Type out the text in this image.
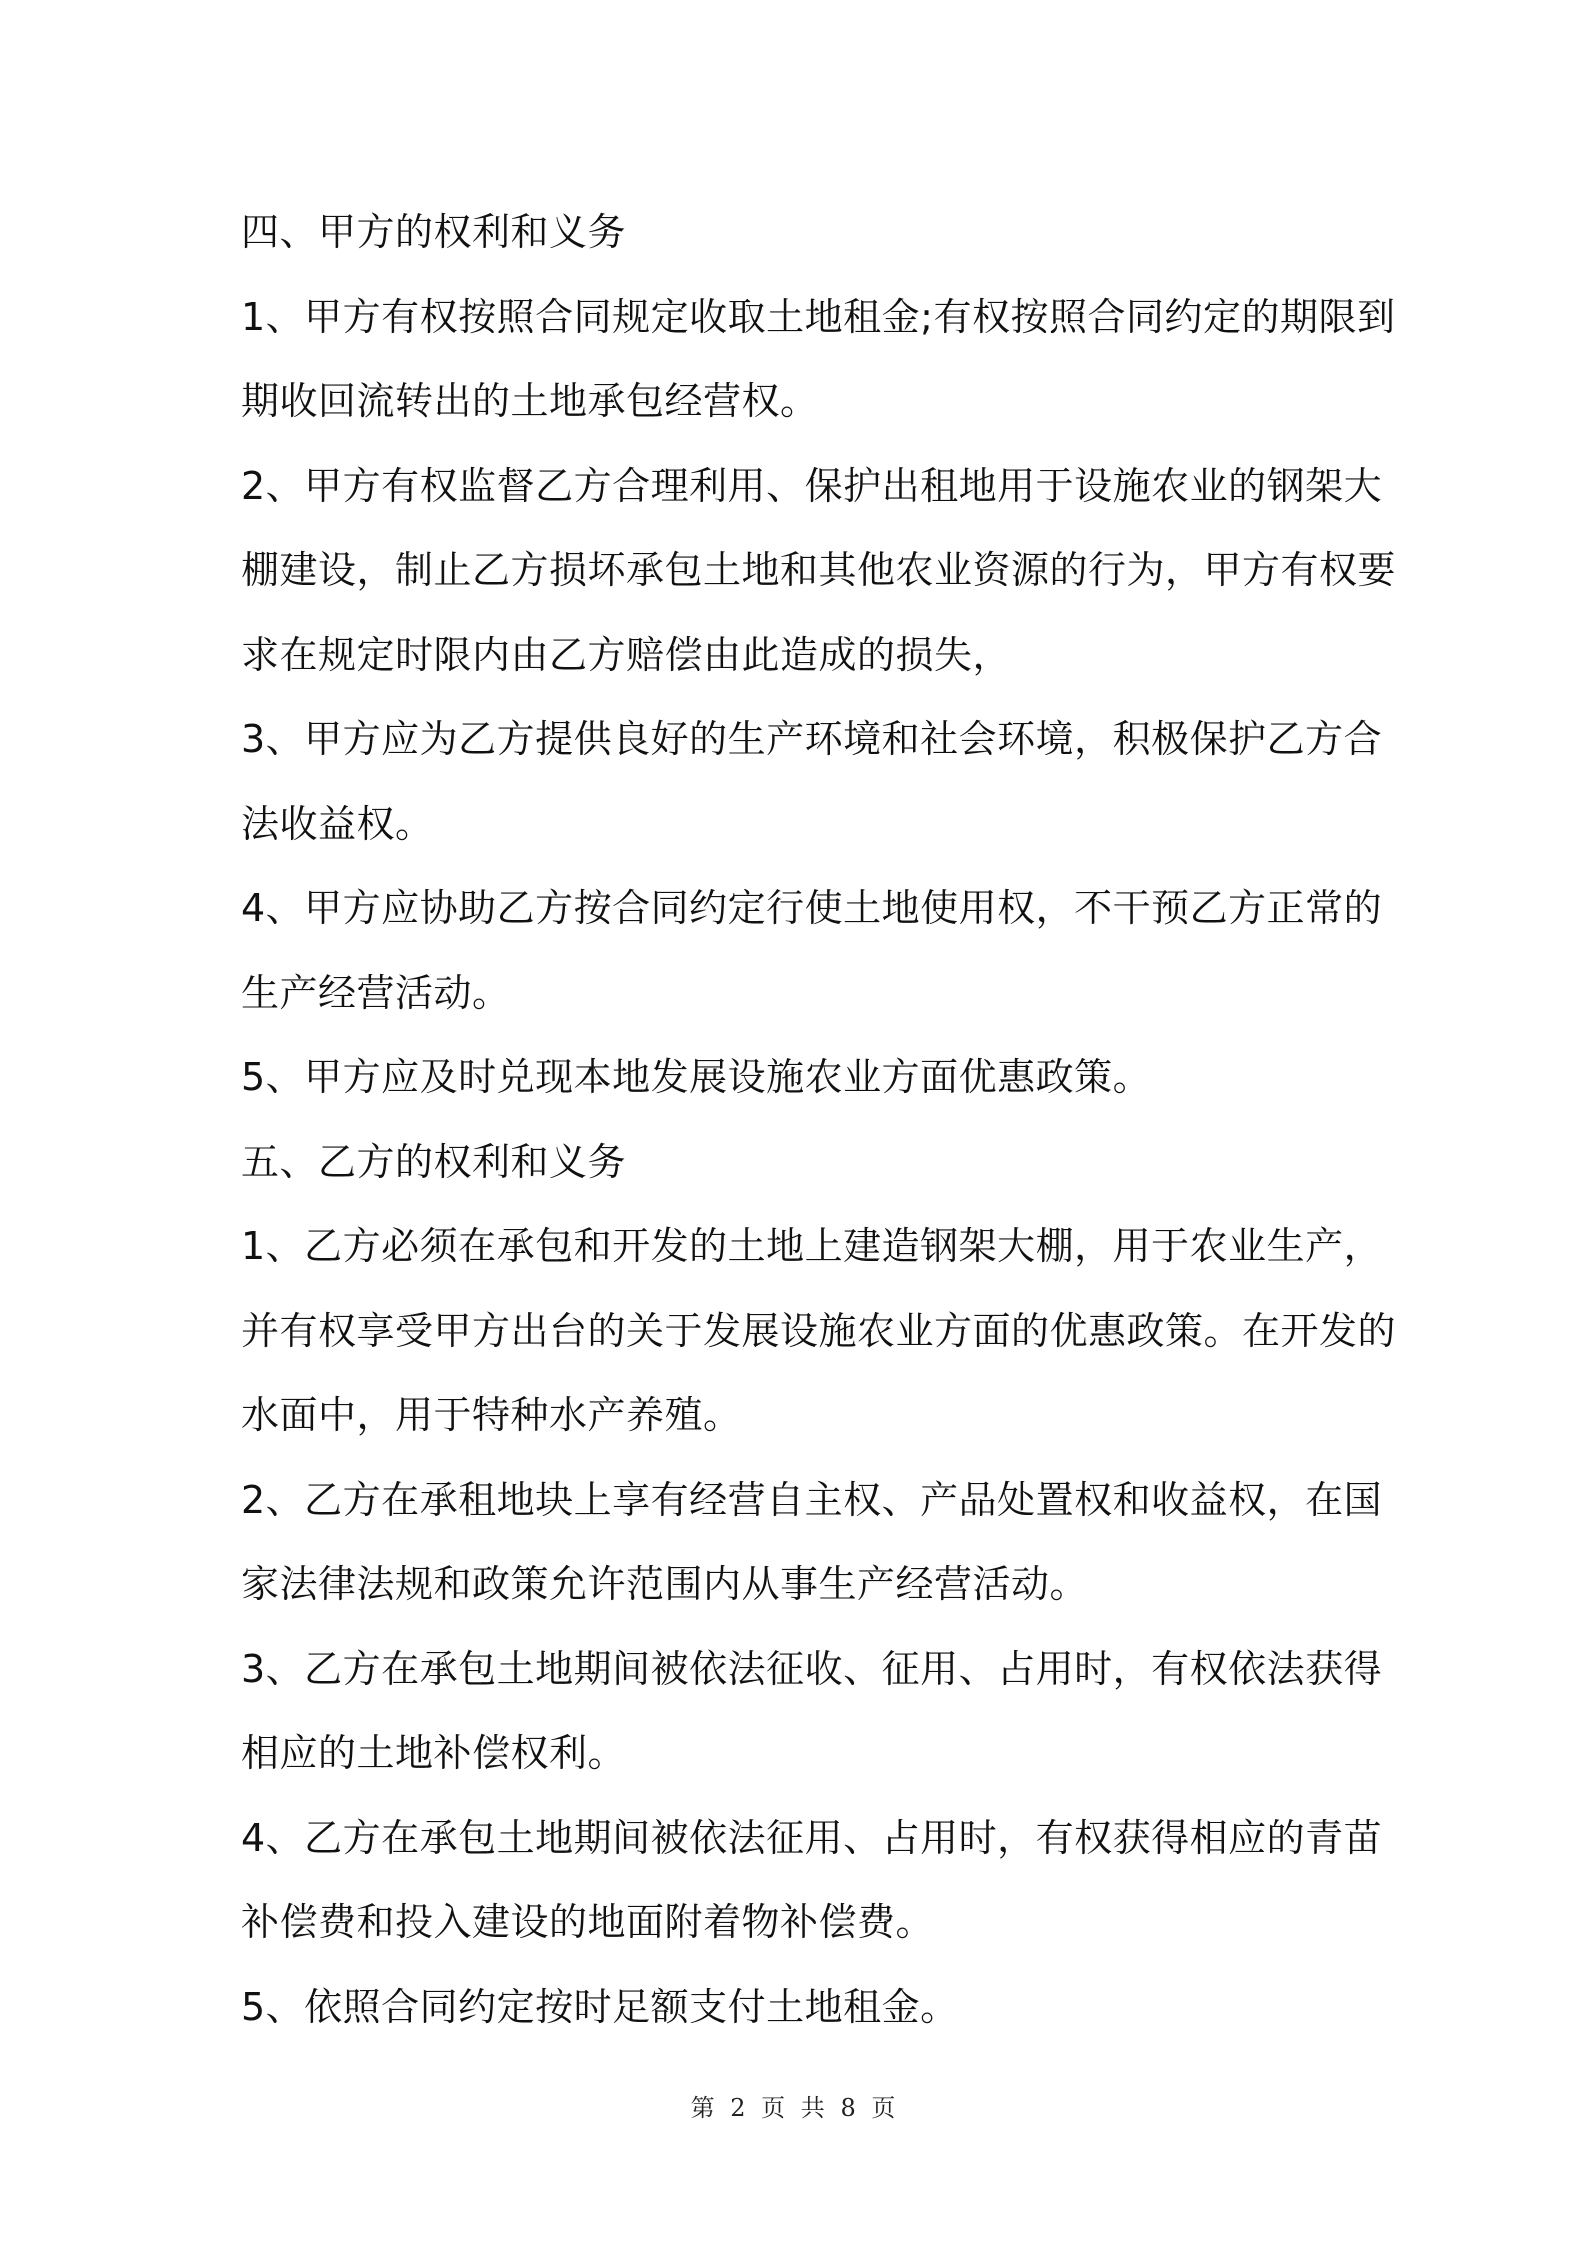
四、甲方的权利和义务
1、甲方有权按照合同规定收取土地租金;有权按照合同约定的期限到
期收回流转出的土地承包经营权。
2、甲方有权监督乙方合理利用、保护出租地用于设施农业的钢架大
棚建设，制止乙方损坏承包土地和其他农业资源的行为，甲方有权要
求在规定时限内由乙方赔偿由此造成的损失，
3、甲方应为乙方提供良好的生产环境和社会环境，积极保护乙方合
法收益权。
4、甲方应协助乙方按合同约定行使土地使用权，不干预乙方正常的
生产经营活动。
5、甲方应及时兑现本地发展设施农业方面优惠政策。
五、乙方的权利和义务
1、乙方必须在承包和开发的土地上建造钢架大棚，用于农业生产，
并有权享受甲方出台的关于发展设施农业方面的优惠政策。在开发的
水面中，用于特种水产养殖。
2、乙方在承租地块上享有经营自主权、产品处置权和收益权，在国
家法律法规和政策允许范围内从事生产经营活动。
3、乙方在承包土地期间被依法征收、征用、占用时，有权依法获得
相应的土地补偿权利。
4、乙方在承包土地期间被依法征用、占用时，有权获得相应的青苗
补偿费和投入建设的地面附着物补偿费。
5、依照合同约定按时足额支付土地租金。
第 2 页 共 8 页
